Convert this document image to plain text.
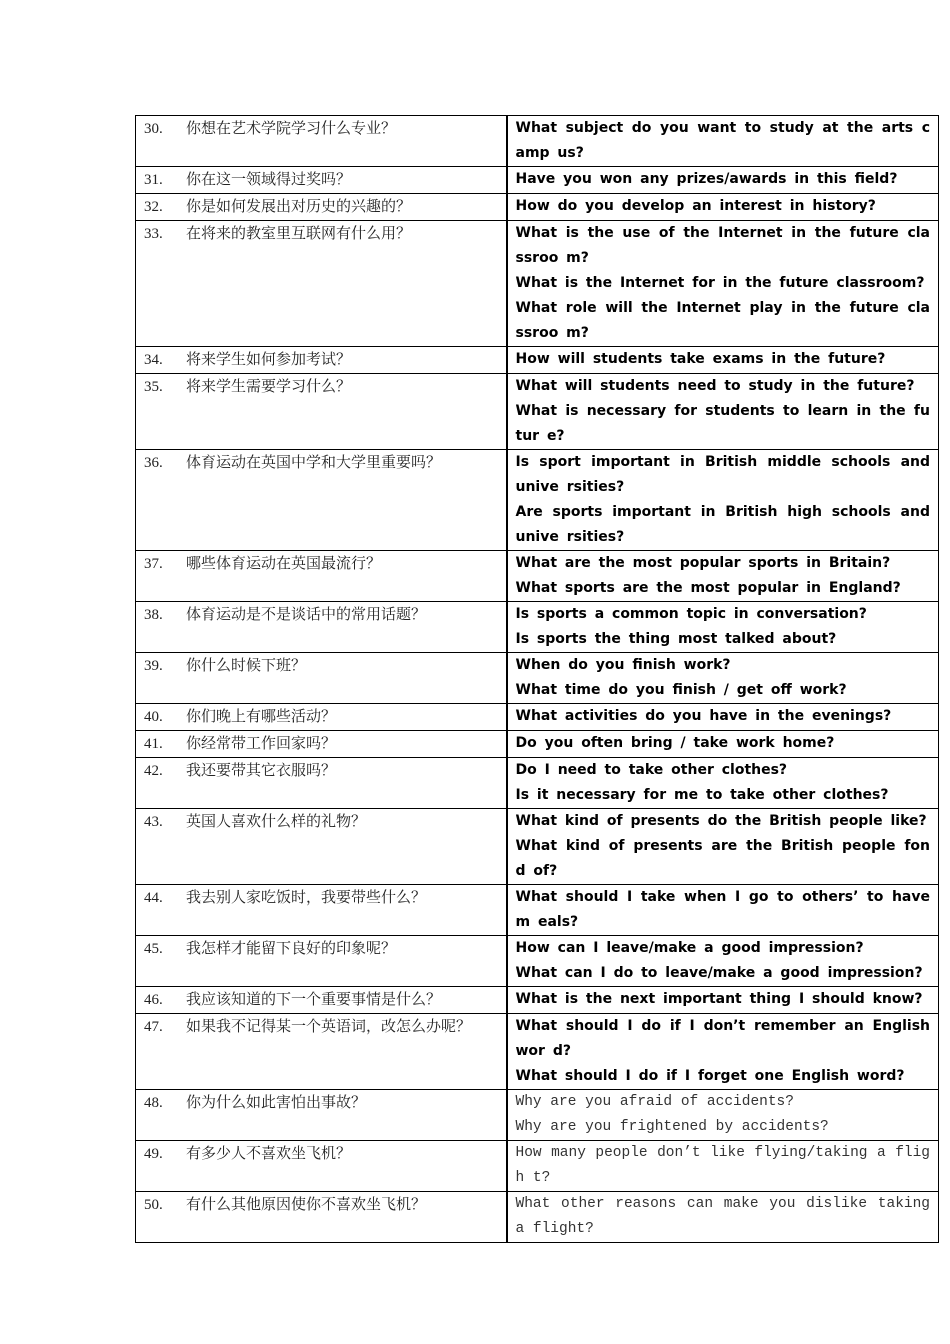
30. 你想在艺术学院学习什么专业？	What subject do you want to study at the arts camp us?

31. 你在这一领域得过奖吗？	Have you won any prizes/awards in this field?

32. 你是如何发展出对历史的兴趣的？	How do you develop an interest in history?

33. 在将来的教室里互联网有什么用？	What is the use of the Internet in the future classroo m?
What is the Internet for in the future classroom?
What role will the Internet play in the future classroo m?

34. 将来学生如何参加考试？	How will students take exams in the future?

35. 将来学生需要学习什么？	What will students need to study in the future?
What is necessary for students to learn in the futur e?

36. 体育运动在英国中学和大学里重要吗？	Is sport important in British middle schools and unive rsities?
Are sports important in British high schools and unive rsities?

37. 哪些体育运动在英国最流行？	What are the most popular sports in Britain?
What sports are the most popular in England?

38. 体育运动是不是谈话中的常用话题？	Is sports a common topic in conversation?
Is sports the thing most talked about?

39. 你什么时候下班？	When do you finish work?
What time do you finish / get off work?

40. 你们晚上有哪些活动？	What activities do you have in the evenings?

41. 你经常带工作回家吗？	Do you often bring / take work home?

42. 我还要带其它衣服吗？	Do I need to take other clothes?
Is it necessary for me to take other clothes?

43. 英国人喜欢什么样的礼物？	What kind of presents do the British people like?
What kind of presents are the British people fond of?

44. 我去别人家吃饭时，我要带些什么？	What should I take when I go to others’ to have m eals?

45. 我怎样才能留下良好的印象呢？	How can I leave/make a good impression?
What can I do to leave/make a good impression?

46. 我应该知道的下一个重要事情是什么？	What is the next important thing I should know?

47. 如果我不记得某一个英语词，改怎么办呢？	What should I do if I don’t remember an English wor d?
What should I do if I forget one English word?

48. 你为什么如此害怕出事故？	Why are you afraid of accidents?
Why are you frightened by accidents?

49. 有多少人不喜欢坐飞机？	How many people don’t like flying/taking a fligh t?

50. 有什么其他原因使你不喜欢坐飞机？	What other reasons can make you dislike taking a flight?
